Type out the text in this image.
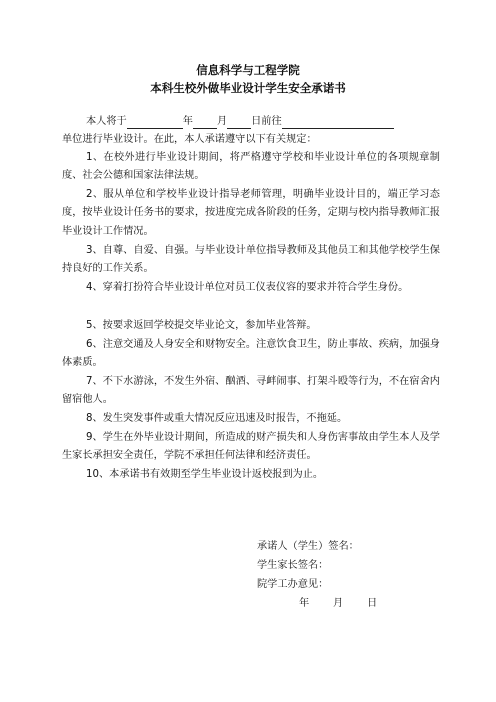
信息科学与工程学院
本科生校外做毕业设计学生安全承诺书
本人将于	年 月 日前往
单位进行毕业设计。在此，本人承诺遵守以下有关规定：
1、在校外进行毕业设计期间，将严格遵守学校和毕业设计单位的各项规章制度、社会公德和国家法律法规。
2、服从单位和学校毕业设计指导老师管理，明确毕业设计目的，端正学习态度，按毕业设计任务书的要求，按进度完成各阶段的任务，定期与校内指导教师汇报毕业设计工作情况。
3、自尊、自爱、自强。与毕业设计单位指导教师及其他员工和其他学校学生保持良好的工作关系。
4、穿着打扮符合毕业设计单位对员工仪表仪容的要求并符合学生身份。
5、按要求返回学校提交毕业论文，参加毕业答辩。
6、注意交通及人身安全和财物安全。注意饮食卫生，防止事故、疾病，加强身体素质。
7、不下水游泳，不发生外宿、酗酒、寻衅闹事、打架斗殴等行为，不在宿舍内留宿他人。
8、发生突发事件或重大情况反应迅速及时报告，不拖延。
9、学生在外毕业设计期间，所造成的财产损失和人身伤害事故由学生本人及学生家长承担安全责任，学院不承担任何法律和经济责任。
10、本承诺书有效期至学生毕业设计返校报到为止。
承诺人（学生）签名：
学生家长签名：
院学工办意见：
年 月 日
